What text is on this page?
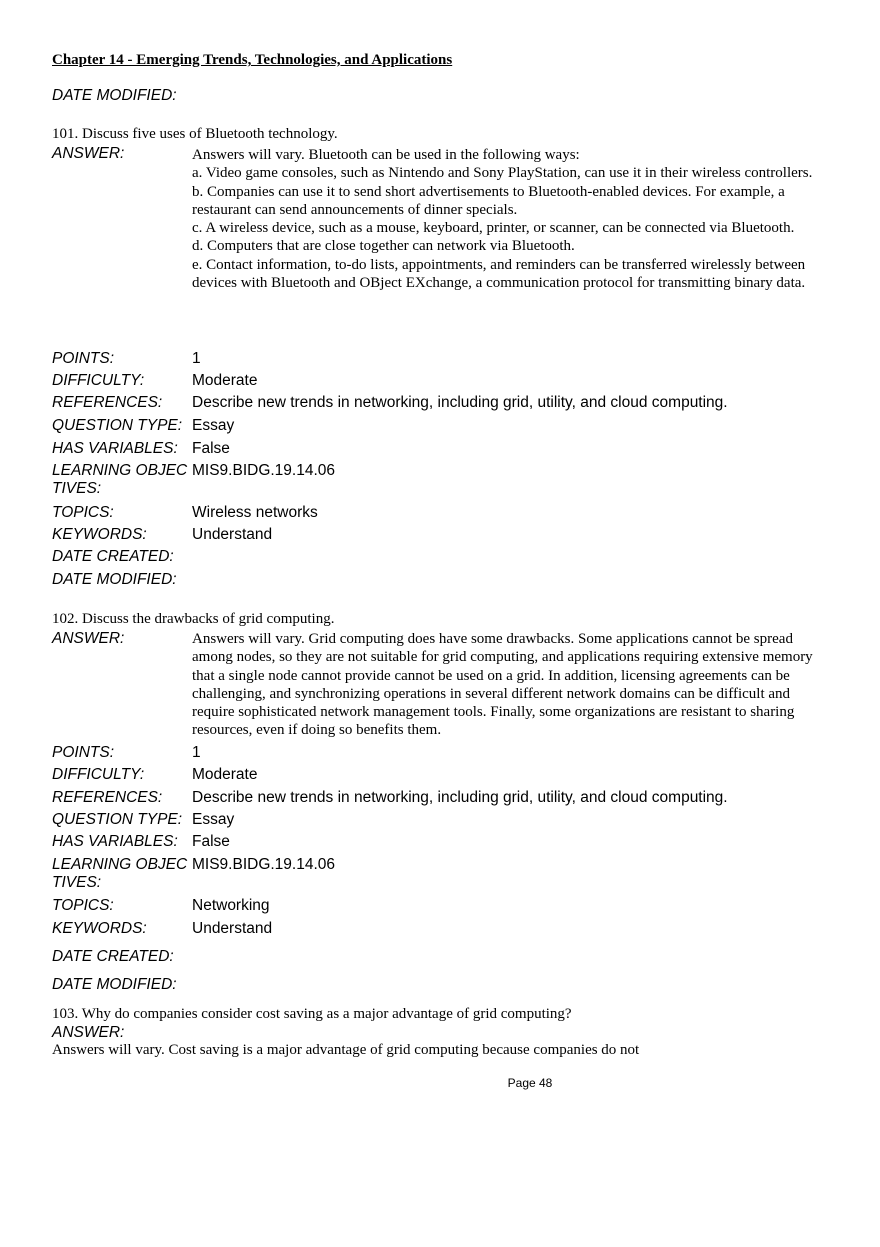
Chapter 14 - Emerging Trends, Technologies, and Applications
DATE MODIFIED:
101. Discuss five uses of Bluetooth technology.
ANSWER:	Answers will vary. Bluetooth can be used in the following ways:
a. Video game consoles, such as Nintendo and Sony PlayStation, can use it in their wireless controllers.
b. Companies can use it to send short advertisements to Bluetooth-enabled devices. For example, a restaurant can send announcements of dinner specials.
c. A wireless device, such as a mouse, keyboard, printer, or scanner, can be connected via Bluetooth.
d. Computers that are close together can network via Bluetooth.
e. Contact information, to-do lists, appointments, and reminders can be transferred wirelessly between devices with Bluetooth and OBject EXchange, a communication protocol for transmitting binary data.
POINTS:	1
DIFFICULTY:	Moderate
REFERENCES: Describe new trends in networking, including grid, utility, and cloud computing.
QUESTION TYPE: Essay
HAS VARIABLES: False
LEARNING OBJECTIVES:
MIS9.BIDG.19.14.06
TOPICS:	Wireless networks
KEYWORDS:	Understand
DATE CREATED:
DATE MODIFIED:
102. Discuss the drawbacks of grid computing.
ANSWER:	Answers will vary. Grid computing does have some drawbacks. Some applications cannot be spread among nodes, so they are not suitable for grid computing, and applications requiring extensive memory that a single node cannot provide cannot be used on a grid. In addition, licensing agreements can be challenging, and synchronizing operations in several different network domains can be difficult and require sophisticated network management tools. Finally, some organizations are resistant to sharing resources, even if doing so benefits them.
POINTS:	1
DIFFICULTY:	Moderate
REFERENCES: Describe new trends in networking, including grid, utility, and cloud computing.
QUESTION TYPE: Essay
HAS VARIABLES: False
LEARNING OBJECTIVES:
MIS9.BIDG.19.14.06
TOPICS:	Networking
KEYWORDS:	Understand
DATE CREATED:
DATE MODIFIED:
103. Why do companies consider cost saving as a major advantage of grid computing?
ANSWER:
Answers will vary. Cost saving is a major advantage of grid computing because companies do not
Page 48
